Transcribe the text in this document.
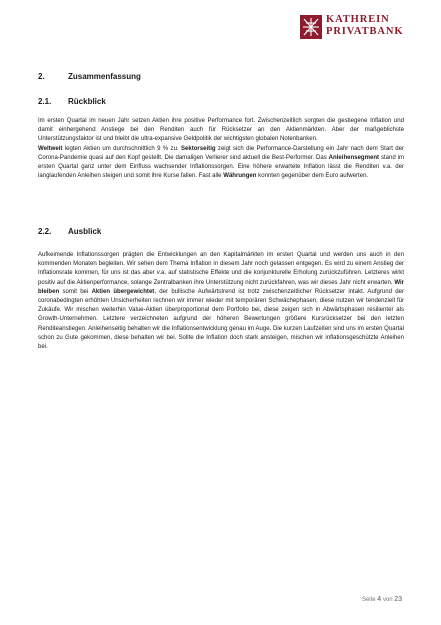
KATHREIN
PRIVATBANK
2.	Zusammenfassung
2.1. Rückblick

Im ersten Quartal im neuen Jahr setzen Aktien ihre positive Performance fort. Zwischenzeitlich sorgten die gestiegene Inflation und damit einhergehend Anstiege bei den Renditen auch für Rücksetzer an den Aktienmärkten. Aber der maßgeblichste Unterstützungsfaktor ist und bleibt die ultra-expansive Geldpolitik der wichtigsten globalen Notenbanken.

Weltweit legten Aktien um durchschnittlich 9 % zu. Sektorseitig zeigt sich die Performance-Darstellung ein Jahr nach dem Start der Corona-Pandemie quasi auf den Kopf gestellt. Die damaligen Verlierer sind aktuell die Best-Performer. Das Anleihensegment stand im ersten Quartal ganz unter dem Einfluss wachsender Inflationssorgen. Eine höhere erwartete Inflation lässt die Renditen v.a. der langlaufenden Anleihen steigen und somit ihre Kurse fallen. Fast alle Währungen konnten gegenüber dem Euro aufwerten.

2.2. Ausblick

Aufkeimende Inflationssorgen prägten die Entwicklungen an den Kapitalmärkten im ersten Quartal und werden uns auch in den kommenden Monaten begleiten. Wir sehen dem Thema Inflation in diesem Jahr noch gelassen entgegen. Es wird zu einem Anstieg der Inflationsrate kommen, für uns ist das aber v.a. auf statistische Effekte und die konjunkturelle Erholung zurückzuführen. Letzteres wirkt positiv auf die Aktienperformance, solange Zentralbanken ihre Unterstützung nicht zurückfahren, was wir dieses Jahr nicht erwarten. Wir bleiben somit bei Aktien übergewichtet, der bullische Aufwärtstrend ist trotz zwischenzeitlicher Rücksetzer intakt. Aufgrund der coronabedingten erhöhten Unsicherheiten rechnen wir immer wieder mit temporären Schwächephasen, diese nutzen wir tendenziell für Zukäufe. Wir mischen weiterhin Value-Aktien überproportional dem Portfolio bei, diese zeigen sich in Abwärtsphasen resilienter als Growth-Unternehmen. Letztere verzeichneten aufgrund der höheren Bewertungen größere Kursrücksetzer bei den letzten Renditeanstiegen. Anleihenseitig behalten wir die Inflationsentwicklung genau im Auge. Die kurzen Laufzeiten sind uns im ersten Quartal schon zu Gute gekommen, diese behalten wir bei. Sollte die Inflation doch stark ansteigen, mischen wir inflationsgeschützte Anleihen bei.

Seite 4 von 23
